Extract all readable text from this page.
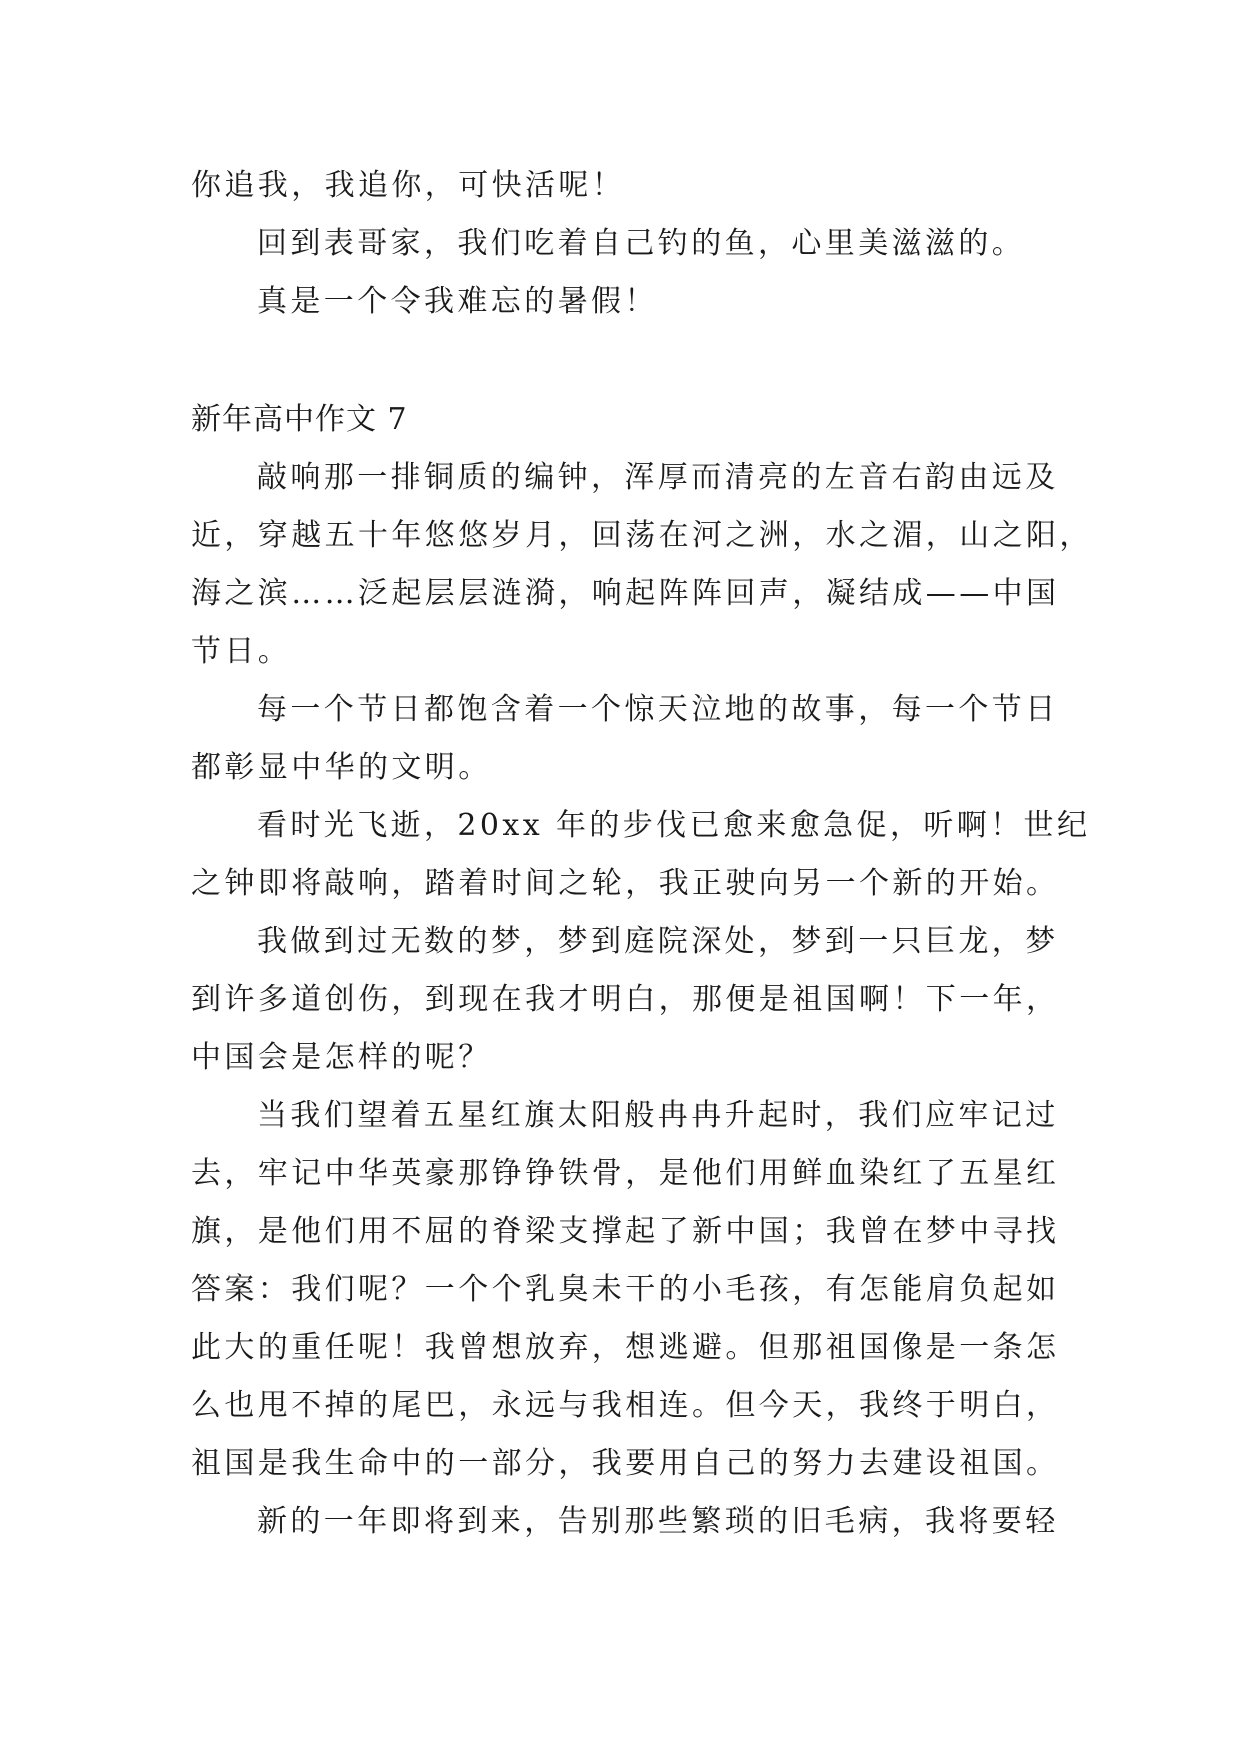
你追我，我追你，可快活呢！
回到表哥家，我们吃着自己钓的鱼，心里美滋滋的。
真是一个令我难忘的暑假！
新年高中作文 7
敲响那一排铜质的编钟，浑厚而清亮的左音右韵由远及
近，穿越五十年悠悠岁月，回荡在河之洲，水之湄，山之阳，
海之滨……泛起层层涟漪，响起阵阵回声，凝结成——中国
节日。
每一个节日都饱含着一个惊天泣地的故事，每一个节日
都彰显中华的文明。
看时光飞逝，20xx 年的步伐已愈来愈急促，听啊！世纪
之钟即将敲响，踏着时间之轮，我正驶向另一个新的开始。
我做到过无数的梦，梦到庭院深处，梦到一只巨龙，梦
到许多道创伤，到现在我才明白，那便是祖国啊！下一年，
中国会是怎样的呢？
当我们望着五星红旗太阳般冉冉升起时，我们应牢记过
去，牢记中华英豪那铮铮铁骨，是他们用鲜血染红了五星红
旗，是他们用不屈的脊梁支撑起了新中国；我曾在梦中寻找
答案：我们呢？一个个乳臭未干的小毛孩，有怎能肩负起如
此大的重任呢！我曾想放弃，想逃避。但那祖国像是一条怎
么也甩不掉的尾巴，永远与我相连。但今天，我终于明白，
祖国是我生命中的一部分，我要用自己的努力去建设祖国。
新的一年即将到来，告别那些繁琐的旧毛病，我将要轻
